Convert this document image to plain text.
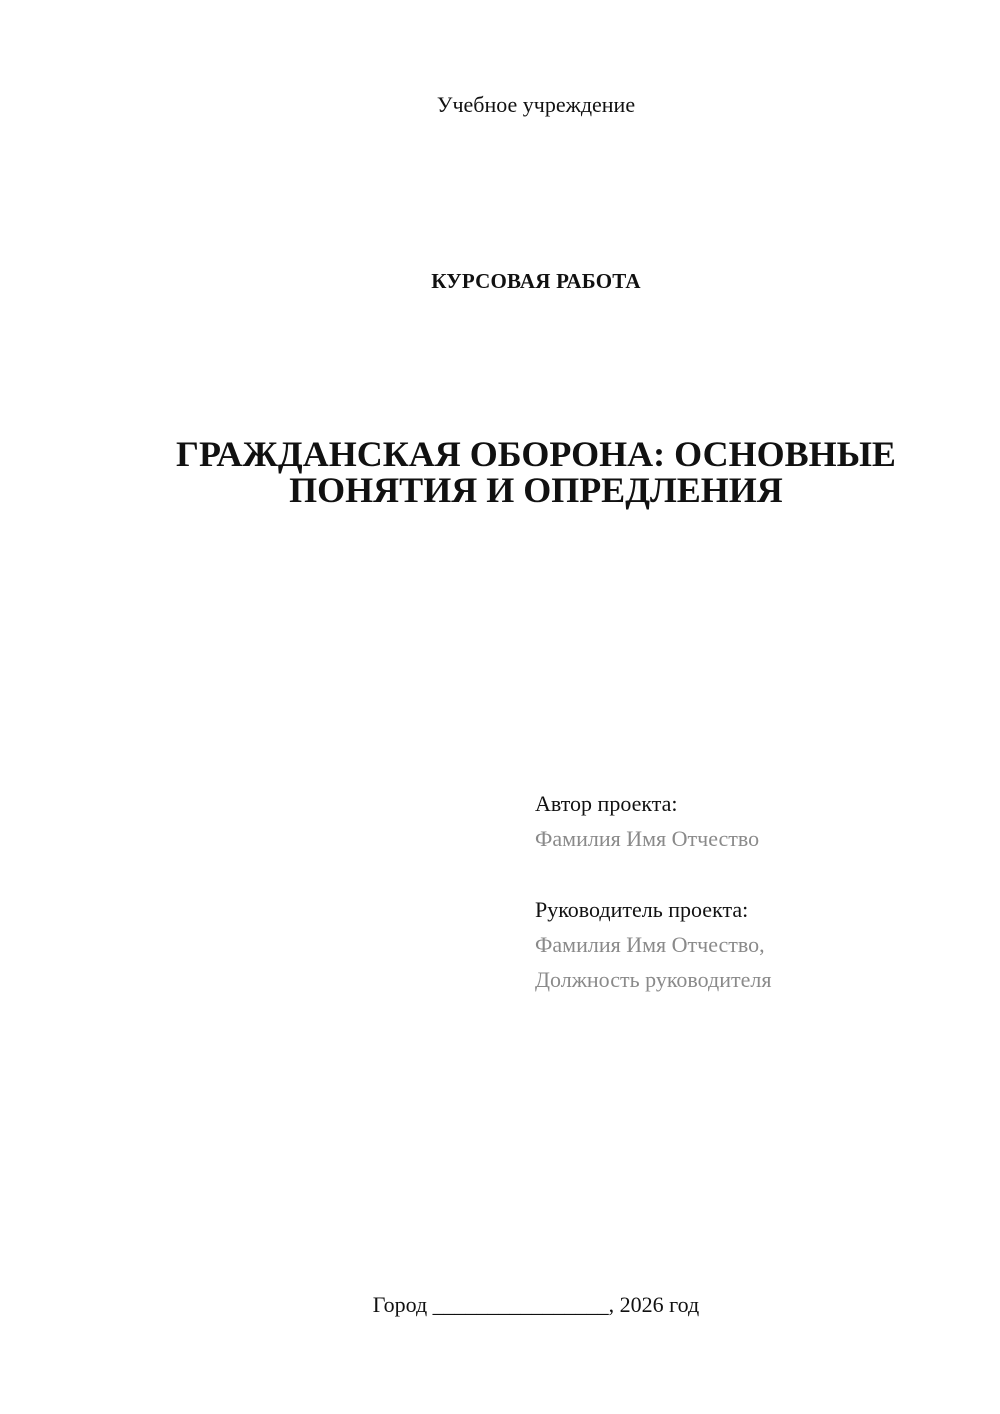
Учебное учреждение
КУРСОВАЯ РАБОТА
ГРАЖДАНСКАЯ ОБОРОНА: ОСНОВНЫЕ
ПОНЯТИЯ И ОПРЕДЛЕНИЯ
Автор проекта:
Фамилия Имя Отчество
Руководитель проекта:
Фамилия Имя Отчество,
Должность руководителя
Город ________________, 2026 год
